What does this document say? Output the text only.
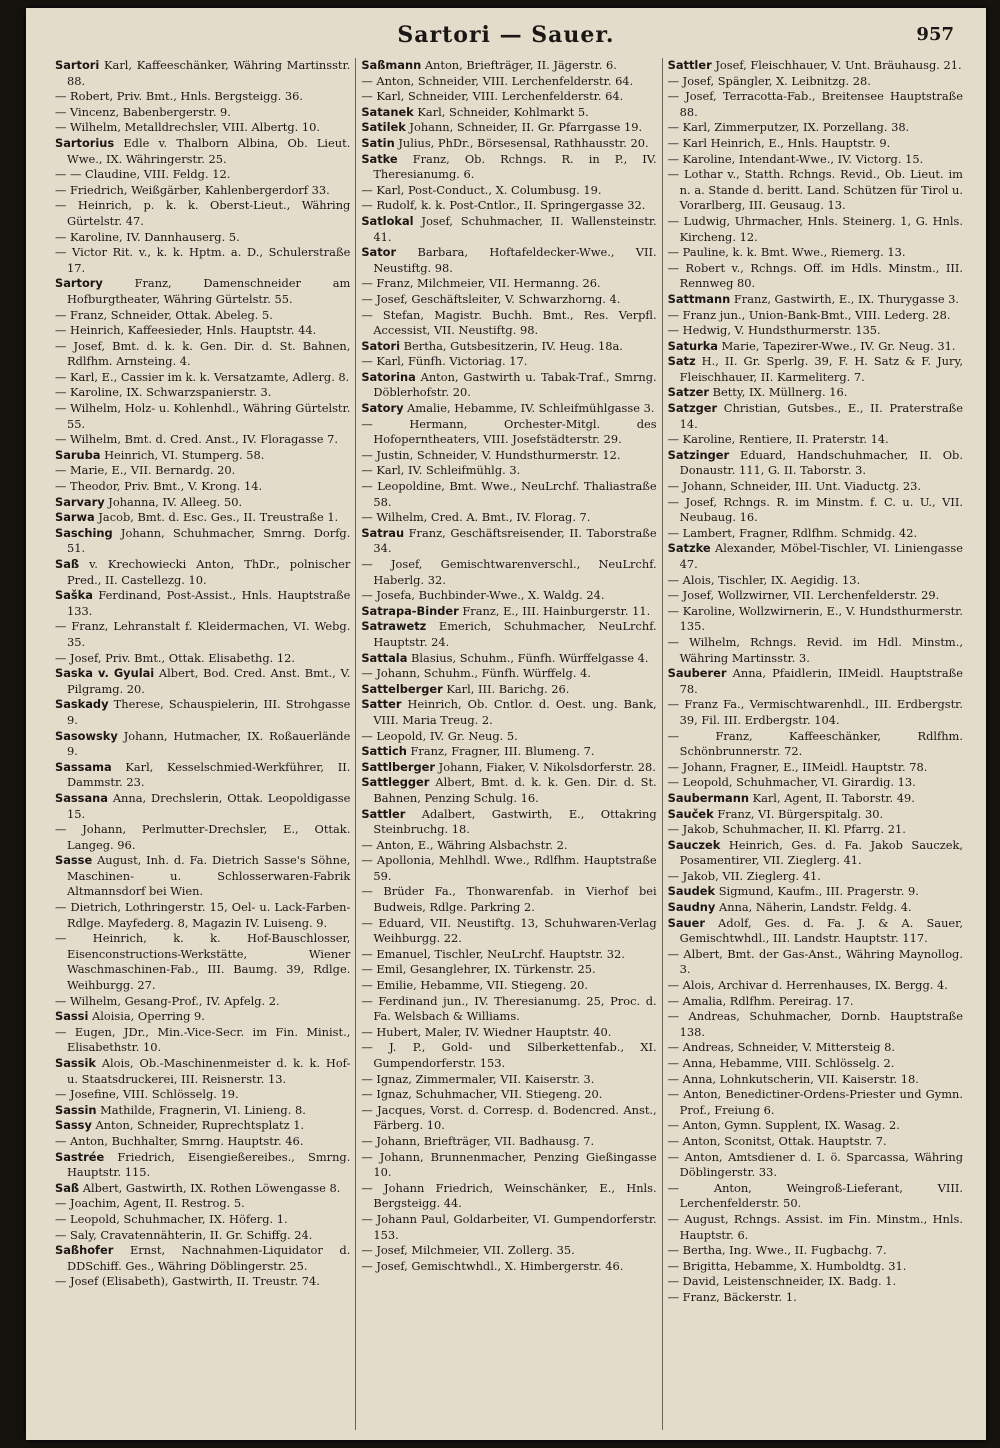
Sartori — Sauer.	957

Sartori Karl, Kaffeeschänker, Währing Martinsstr. 88.

— Robert, Priv. Bmt., Hnls. Bergsteigg. 36.

— Vincenz, Babenbergerstr. 9.

— Wilhelm, Metalldrechsler, VIII. Albertg. 10.

Sartorius Edle v. Thalborn Albina, Ob. Lieut. Wwe., IX. Währingerstr. 25.

— — Claudine, VIII. Feldg. 12.

— Friedrich, Weißgärber, Kahlenbergerdorf 33.

— Heinrich, p. k. k. Oberst-Lieut., Währing Gürtelstr. 47.

— Karoline, IV. Dannhauserg. 5.

— Victor Rit. v., k. k. Hptm. a. D., Schulerstraße 17.

Sartory	Franz, Damenschneider am Hofburgtheater, Währing Gürtelstr. 55.

— Franz, Schneider, Ottak. Abeleg. 5.

— Heinrich, Kaffeesieder, Hnls. Hauptstr. 44.

— Josef, Bmt. d. k. k. Gen. Dir. d. St. Bahnen, Rdlfhm. Arnsteing. 4.

— Karl, E., Cassier im k. k. Versatzamte, Adlerg. 8.

— Karoline, IX. Schwarzspanierstr. 3.

— Wilhelm, Holz- u. Kohlenhdl., Währing Gürtelstr. 55.

— Wilhelm, Bmt. d. Cred. Anst., IV. Floragasse 7.

Saruba Heinrich, VI. Stumperg. 58.

— Marie, E., VII. Bernardg. 20.

— Theodor, Priv. Bmt., V. Krong. 14.

Sarvary Johanna, IV. Alleeg. 50.

Sarwa Jacob, Bmt. d. Esc. Ges., II. Treustraße 1.

Sasching Johann, Schuhmacher, Smrng. Dorfg. 51.

Saß v. Krechowiecki Anton, ThDr., polnischer Pred., II. Castellezg. 10.

Saška Ferdinand, Post-Assist., Hnls. Hauptstraße 133.

— Franz, Lehranstalt f. Kleidermachen, VI. Webg. 35.

— Josef, Priv. Bmt., Ottak. Elisabethg. 12.

Saska v. Gyulai Albert, Bod. Cred. Anst. Bmt., V. Pilgramg. 20.

Saskady Therese, Schauspielerin, III. Strohgasse 9.

Sasowsky Johann, Hutmacher, IX. Roßauerlände 9.

Sassama Karl, Kesselschmied-Werkführer, II. Dammstr. 23.

Sassana Anna, Drechslerin, Ottak. Leopoldigasse 15.

— Johann, Perlmutter-Drechsler, E., Ottak. Langeg. 96.

Sasse August, Inh. d. Fa. Dietrich Sasse's Söhne, Maschinen- u. Schlosserwaren-Fabrik Altmannsdorf bei Wien.

— Dietrich, Lothringerstr. 15, Oel- u. Lack-Farben-Rdlge. Mayfederg. 8, Magazin IV. Luiseng. 9.

— Heinrich, k. k. Hof-Bauschlosser, Eisenconstructions-Werkstätte, Wiener Waschmaschinen-Fab., III. Baumg. 39, Rdlge. Weihburgg. 27.

— Wilhelm, Gesang-Prof., IV. Apfelg. 2.

Sassi Aloisia, Operring 9.

— Eugen, JDr., Min.-Vice-Secr. im Fin. Minist., Elisabethstr. 10.

Sassik Alois, Ob.-Maschinenmeister d. k. k. Hof- u. Staatsdruckerei, III. Reisnerstr. 13.

— Josefine, VIII. Schlösselg. 19.

Sassin Mathilde, Fragnerin, VI. Linieng. 8.

Sassy Anton, Schneider, Ruprechtsplatz 1.

— Anton, Buchhalter, Smrng. Hauptstr. 46.

Sastrée Friedrich, Eisengießereibes., Smrng. Hauptstr. 115.

Saß Albert, Gastwirth, IX. Rothen Löwengasse 8.

— Joachim, Agent, II. Restrog. 5.

— Leopold, Schuhmacher, IX. Höferg. 1.

— Saly, Cravatennähterin, II. Gr. Schiffg. 24.

Saßhofer Ernst, Nachnahmen-Liquidator d. DDSchiff. Ges., Währing Döblingerstr. 25.

— Josef (Elisabeth), Gastwirth, II. Treustr. 74.

Saßmann Anton, Briefträger, II. Jägerstr. 6.

— Anton, Schneider, VIII. Lerchenfelderstr. 64.

— Karl, Schneider, VIII. Lerchenfelderstr. 64.

Satanek Karl, Schneider, Kohlmarkt 5.

Satilek Johann, Schneider, II. Gr. Pfarrgasse 19.

Satin Julius, PhDr., Börsesensal, Rathhausstr. 20.

Satke Franz, Ob. Rchngs. R. in P., IV. Theresianumg. 6.

— Karl, Post-Conduct., X. Columbusg. 19.

— Rudolf, k. k. Post-Cntlor., II. Springergasse 32.

Satlokal Josef, Schuhmacher, II. Wallensteinstr. 41.

Sator Barbara, Hoftafeldecker-Wwe., VII. Neustiftg. 98.

— Franz, Milchmeier, VII. Hermanng. 26.

— Josef, Geschäftsleiter, V. Schwarzhorng. 4.

— Stefan, Magistr. Buchh. Bmt., Res. Verpfl. Accessist, VII. Neustiftg. 98.

Satori Bertha, Gutsbesitzerin, IV. Heug. 18a.

— Karl, Fünfh. Victoriag. 17.

Satorina Anton, Gastwirth u. Tabak-Traf., Smrng. Döblerhofstr. 20.

Satory Amalie, Hebamme, IV. Schleifmühlgasse 3.

— Hermann, Orchester-Mitgl. des Hofoperntheaters, VIII. Josefstädterstr. 29.

— Justin, Schneider, V. Hundsthurmerstr. 12.

— Karl, IV. Schleifmühlg. 3.

— Leopoldine, Bmt. Wwe., NeuLrchf. Thaliastraße 58.

— Wilhelm, Cred. A. Bmt., IV. Florag. 7.

Satrau Franz, Geschäftsreisender, II. Taborstraße 34.

— Josef, Gemischtwarenverschl., NeuLrchf. Haberlg. 32.

— Josefa, Buchbinder-Wwe., X. Waldg. 24.

Satrapa-Binder Franz, E., III. Hainburgerstr. 11.

Satrawetz Emerich, Schuhmacher, NeuLrchf. Hauptstr. 24.

Sattala Blasius, Schuhm., Fünfh. Würffelgasse 4.

— Johann, Schuhm., Fünfh. Würffelg. 4.

Sattelberger Karl, III. Barichg. 26.

Satter Heinrich, Ob. Cntlor. d. Oest. ung. Bank, VIII. Maria Treug. 2.

— Leopold, IV. Gr. Neug. 5.

Sattich Franz, Fragner, III. Blumeng. 7.

Sattlberger Johann, Fiaker, V. Nikolsdorferstr. 28.

Sattlegger Albert, Bmt. d. k. k. Gen. Dir. d. St. Bahnen, Penzing Schulg. 16.

Sattler Adalbert, Gastwirth, E., Ottakring Steinbruchg. 18.

— Anton, E., Währing Alsbachstr. 2.

— Apollonia, Mehlhdl. Wwe., Rdlfhm. Hauptstraße 59.

— Brüder Fa., Thonwarenfab. in Vierhof bei Budweis, Rdlge. Parkring 2.

— Eduard, VII. Neustiftg. 13, Schuhwaren-Verlag Weihburgg. 22.

— Emanuel, Tischler, NeuLrchf. Hauptstr. 32.

— Emil, Gesanglehrer, IX. Türkenstr. 25.

— Emilie, Hebamme, VII. Stiegeng. 20.

— Ferdinand jun., IV. Theresianumg. 25, Proc. d. Fa. Welsbach & Williams.

— Hubert, Maler, IV. Wiedner Hauptstr. 40.

— J. P., Gold- und Silberkettenfab., XI. Gumpendorferstr. 153.

— Ignaz, Zimmermaler, VII. Kaiserstr. 3.

— Ignaz, Schuhmacher, VII. Stiegeng. 20.

— Jacques, Vorst. d. Corresp. d. Bodencred. Anst., Färberg. 10.

— Johann, Briefträger, VII. Badhausg. 7.

— Johann, Brunnenmacher, Penzing Gießingasse 10.

— Johann Friedrich, Weinschänker, E., Hnls. Bergsteigg. 44.

— Johann Paul, Goldarbeiter, VI. Gumpendorferstr. 153.

— Josef, Milchmeier, VII. Zollerg. 35.

— Josef, Gemischtwhdl., X. Himbergerstr. 46.

Sattler Josef, Fleischhauer, V. Unt. Bräuhausg. 21.

— Josef, Spängler, X. Leibnitzg. 28.

— Josef, Terracotta-Fab., Breitensee Hauptstraße 88.

— Karl, Zimmerputzer, IX. Porzellang. 38.

— Karl Heinrich, E., Hnls. Hauptstr. 9.

— Karoline, Intendant-Wwe., IV. Victorg. 15.

— Lothar v., Statth. Rchngs. Revid., Ob. Lieut. im n. a. Stande d. beritt. Land. Schützen für Tirol u. Vorarlberg, III. Geusaug. 13.

— Ludwig, Uhrmacher, Hnls. Steinerg. 1, G. Hnls. Kircheng. 12.

— Pauline, k. k. Bmt. Wwe., Riemerg. 13.

— Robert v., Rchngs. Off. im Hdls. Minstm., III. Rennweg 80.

Sattmann Franz, Gastwirth, E., IX. Thurygasse 3.

— Franz jun., Union-Bank-Bmt., VIII. Lederg. 28.

— Hedwig, V. Hundsthurmerstr. 135.

Saturka Marie, Tapezirer-Wwe., IV. Gr. Neug. 31.

Satz H., II. Gr. Sperlg. 39, F. H. Satz & F. Jury, Fleischhauer, II. Karmeliterg. 7.

Satzer Betty, IX. Müllnerg. 16.

Satzger Christian, Gutsbes., E., II. Praterstraße 14.

— Karoline, Rentiere, II. Praterstr. 14.

Satzinger Eduard, Handschuhmacher, II. Ob. Donaustr. 111, G. II. Taborstr. 3.

— Johann, Schneider, III. Unt. Viaductg. 23.

— Josef, Rchngs. R. im Minstm. f. C. u. U., VII. Neubaug. 16.

— Lambert, Fragner, Rdlfhm. Schmidg. 42.

Satzke Alexander, Möbel-Tischler, VI. Liniengasse 47.

— Alois, Tischler, IX. Aegidig. 13.

— Josef, Wollzwirner, VII. Lerchenfelderstr. 29.

— Karoline, Wollzwirnerin, E., V. Hundsthurmerstr. 135.

— Wilhelm, Rchngs. Revid. im Hdl. Minstm., Währing Martinsstr. 3.

Sauberer Anna, Pfaidlerin, IIMeidl. Hauptstraße 78.

— Franz Fa., Vermischtwarenhdl., III. Erdbergstr. 39, Fil. III. Erdbergstr. 104.

— Franz, Kaffeeschänker, Rdlfhm. Schönbrunnerstr. 72.

— Johann, Fragner, E., IIMeidl. Hauptstr. 78.

— Leopold, Schuhmacher, VI. Girardig. 13.

Saubermann Karl, Agent, II. Taborstr. 49.

Sauček Franz, VI. Bürgerspitalg. 30.

— Jakob, Schuhmacher, II. Kl. Pfarrg. 21.

Sauczek Heinrich, Ges. d. Fa. Jakob Sauczek, Posamentirer, VII. Zieglerg. 41.

— Jakob, VII. Zieglerg. 41.

Saudek Sigmund, Kaufm., III. Pragerstr. 9.

Saudny Anna, Näherin, Landstr. Feldg. 4.

Sauer Adolf, Ges. d. Fa. J. & A. Sauer, Gemischtwhdl., III. Landstr. Hauptstr. 117.

— Albert, Bmt. der Gas-Anst., Währing Maynollog. 3.

— Alois, Archivar d. Herrenhauses, IX. Bergg. 4.

— Amalia, Rdlfhm. Pereirag. 17.

— Andreas, Schuhmacher, Dornb. Hauptstraße 138.

— Andreas, Schneider, V. Mittersteig 8.

— Anna, Hebamme, VIII. Schlösselg. 2.

— Anna, Lohnkutscherin, VII. Kaiserstr. 18.

— Anton, Benedictiner-Ordens-Priester und Gymn. Prof., Freiung 6.

— Anton, Gymn. Supplent, IX. Wasag. 2.

— Anton, Sconitst, Ottak. Hauptstr. 7.

— Anton, Amtsdiener d. I. ö. Sparcassa, Währing Döblingerstr. 33.

— Anton, Weingroß-Lieferant, VIII. Lerchenfelderstr. 50.

— August, Rchngs. Assist. im Fin. Minstm., Hnls. Hauptstr. 6.

— Bertha, Ing. Wwe., II. Fugbachg. 7.

— Brigitta, Hebamme, X. Humboldtg. 31.

— David, Leistenschneider, IX. Badg. 1.

— Franz, Bäckerstr. 1.
